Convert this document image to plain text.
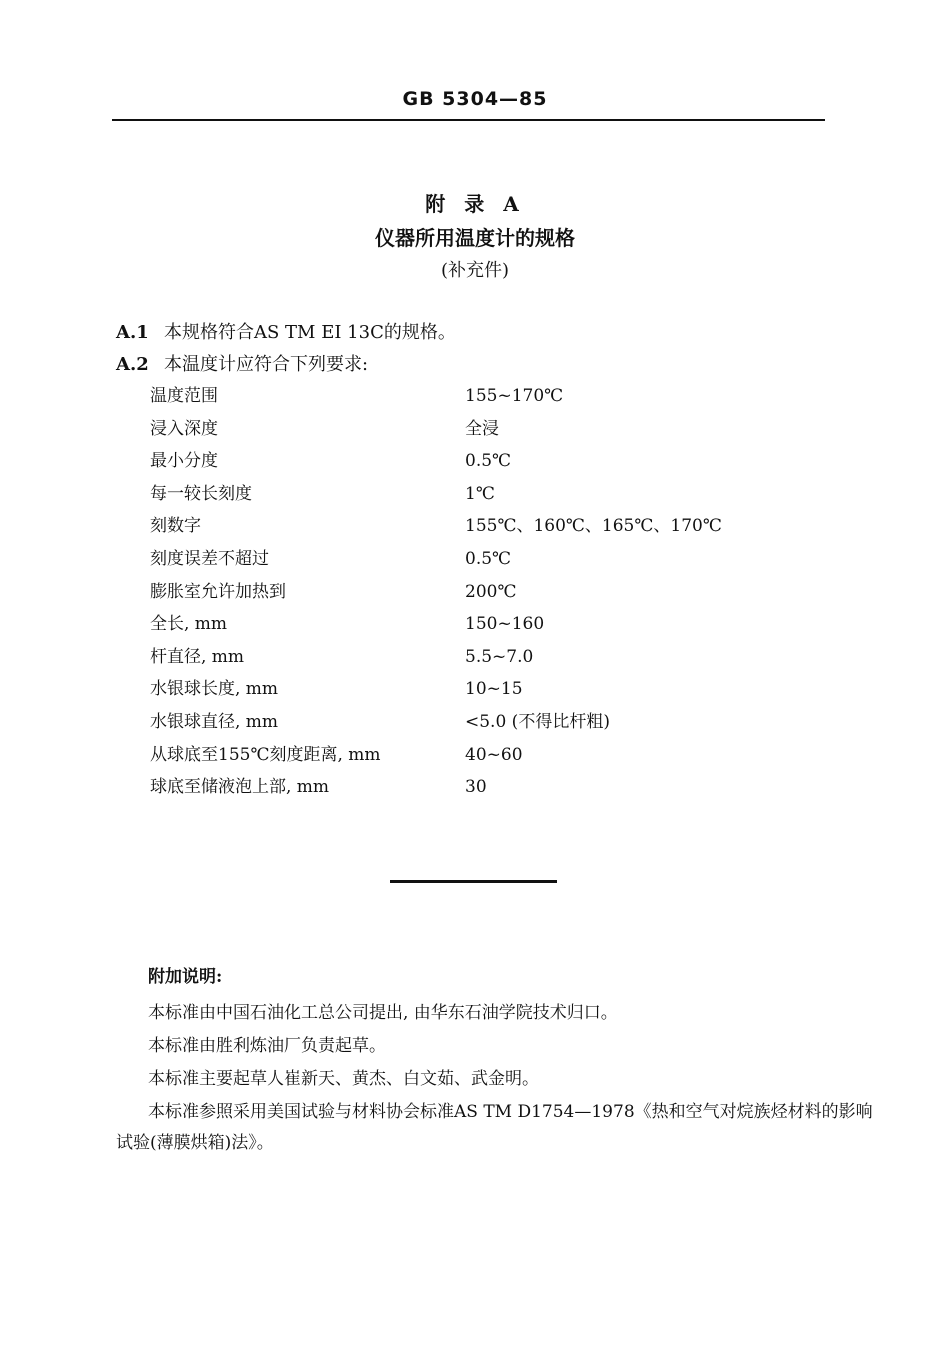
GB 5304—85
附 录 A
仪器所用温度计的规格
(补充件)
A.1 本规格符合AS TM EI 13C的规格。
A.2 本温度计应符合下列要求:
温度范围	155~170℃
浸入深度	全浸
最小分度	0.5℃
每一较长刻度	1℃
刻数字	155℃、160℃、165℃、170℃
刻度误差不超过	0.5℃
膨胀室允许加热到	200℃
全长, mm	150~160
杆直径, mm	5.5~7.0
水银球长度, mm	10~15
水银球直径, mm	<5.0 (不得比杆粗)
从球底至155℃刻度距离, mm	40~60
球底至储液泡上部, mm	30
附加说明:
本标准由中国石油化工总公司提出, 由华东石油学院技术归口。
本标准由胜利炼油厂负责起草。
本标准主要起草人崔新天、黄杰、白文茹、武金明。
本标准参照采用美国试验与材料协会标准AS TM D1754—1978《热和空气对烷族烃材料的影响
试验(薄膜烘箱)法》。
